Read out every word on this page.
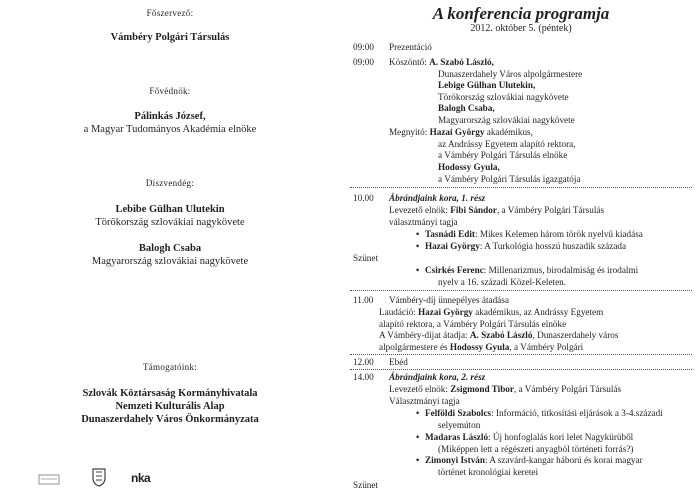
Főszervező:
Vámbéry Polgári Társulás
Fővédnök:
Pálinkás József,
a Magyar Tudományos Akadémia elnöke
Díszvendég:
Lebibe Gülhan Ulutekin
Törökország szlovákiai nagykövete
Balogh Csaba
Magyarország szlovákiai nagykövete
Támogatóink:
Szlovák Köztársaság Kormányhivatala
Nemzeti Kulturális Alap
Dunaszerdahely Város Önkormányzata
nka
A konferencia programja
2012. október 5. (péntek)
09:00 Prezentáció
09:00 Köszöntő: A. Szabó László,
Dunaszerdahely Város alpolgármestere
Lebige Gülhan Ulutekin,
Törökország szlovákiai nagykövete
Balogh Csaba,
Magyarország szlovákiai nagykövete
Megnyitó: Hazai György akadémikus,
az Andrássy Egyetem alapító rektora,
a Vámbéry Polgári Társulás elnöke
Hodossy Gyula,
a Vámbéry Polgári Társulás igazgatója
10.00 Ábrándjaink kora, 1. rész
Levezető elnök: Fibi Sándor, a Vámbéry Polgári Társulás
választmányi tagja
• Tasnádi Edit: Mikes Kelemen három török nyelvű kiadása
• Hazai György: A Turkológia hosszú huszadik százada
Szünet
• Csirkés Ferenc: Millenarizmus, birodalmiság és irodalmi
nyelv a 16. századi Közel-Keleten.
11.00 Vámbéry-díj ünnepélyes átadása
Laudáció: Hazai György akadémikus, az Andrássy Egyetem
alapító rektora, a Vámbéry Polgári Társulás elnöke
A Vámbéry-díjat átadja: A. Szabó László, Dunaszerdahely város
alpolgármestere és Hodossy Gyula, a Vámbéry Polgári
12.00 Ebéd
14.00 Ábrándjaink kora, 2. rész
Levezető elnök: Zsigmond Tibor, a Vámbéry Polgári Társulás
Választmányi tagja
• Felföldi Szabolcs: Információ, titkosítási eljárások a 3-4.századi
selyemúton
• Madaras László: Új honfoglalás kori lelet Nagykürüből
(Miképpen lett a régészeti anyagból történeti forrás?)
• Zimonyi István: A szavárd-kangar háború és korai magyar
történet kronológiai keretei
Szünet
